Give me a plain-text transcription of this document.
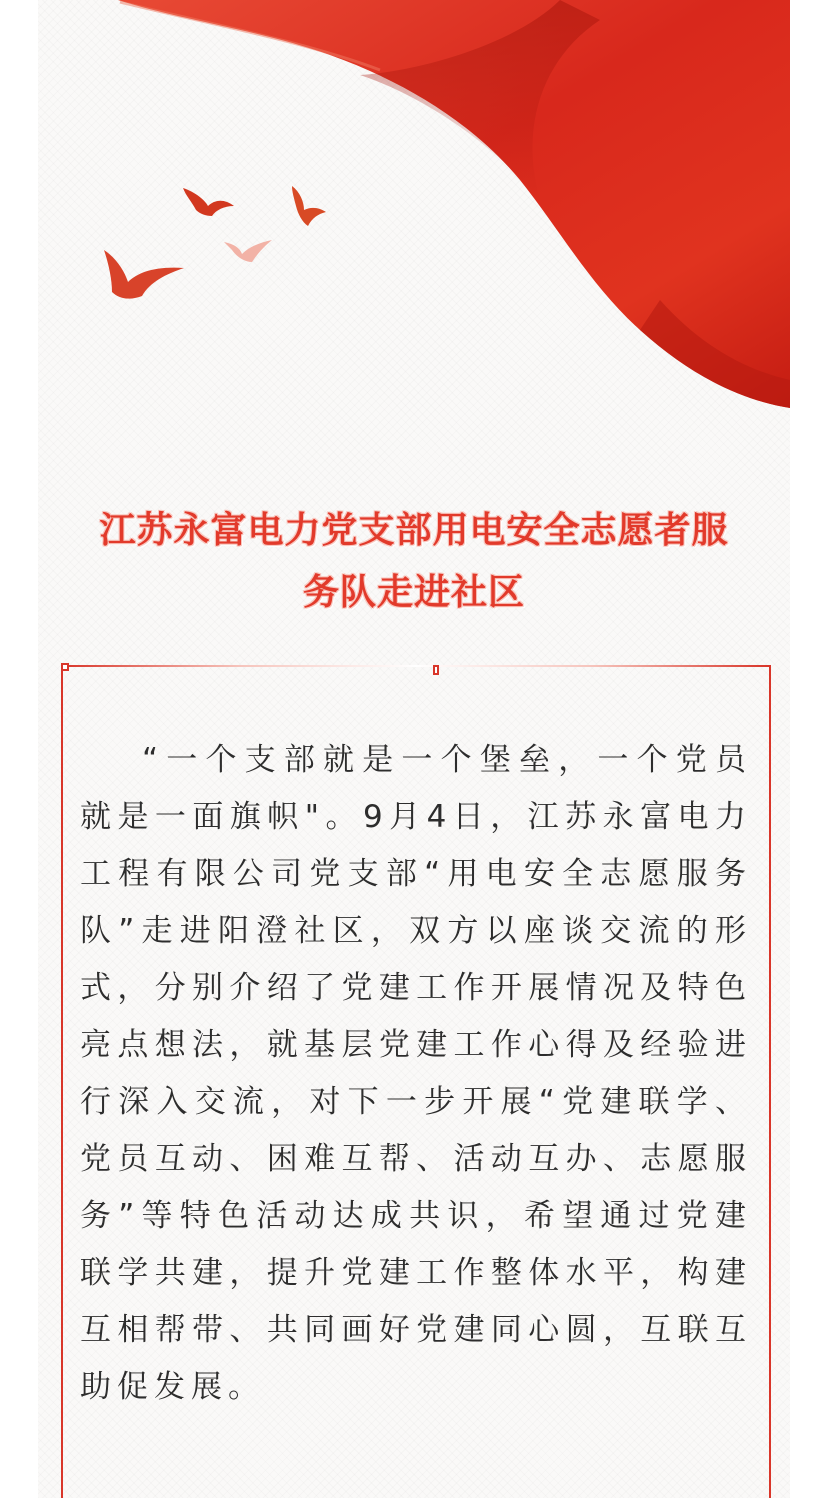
江苏永富电力党支部用电安全志愿者服
务队走进社区
“一个支部就是一个堡垒，一个党员就是一面旗帜"。9月4日，江苏永富电力工程有限公司党支部“用电安全志愿服务队”走进阳澄社区，双方以座谈交流的形式，分别介绍了党建工作开展情况及特色亮点想法，就基层党建工作心得及经验进行深入交流，对下一步开展“党建联学、党员互动、困难互帮、活动互办、志愿服务”等特色活动达成共识，希望通过党建联学共建，提升党建工作整体水平，构建互相帮带、共同画好党建同心圆，互联互助促发展。
